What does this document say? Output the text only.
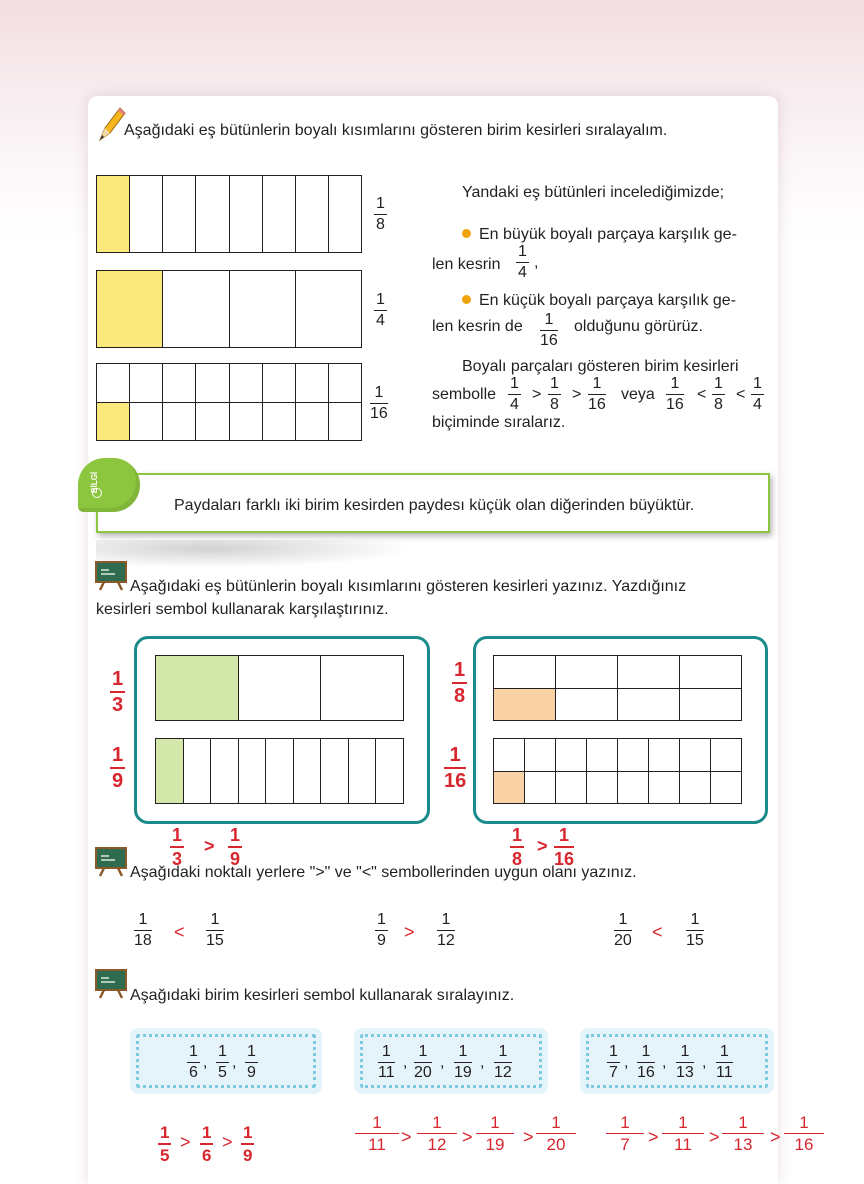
Aşağıdaki eş bütünlerin boyalı kısımlarını gösteren birim kesirleri sıralayalım.
1
8
1
4
1
16
Yandaki eş bütünleri incelediğimizde;
En büyük boyalı parçaya karşılık ge-
len kesrin
1
4
,
En küçük boyalı parçaya karşılık ge-
len kesrin de 1
16
olduğunu görürüz.
Boyalı parçaları gösteren birim kesirleri
sembolle
1
4
>
1
8
>
1
16
veya
1
16
<
1
8
<
1
4
biçiminde sıralarız.
Paydaları farklı iki birim kesirden paydesı küçük olan diğerinden büyüktür.
BİLGİ
Aşağıdaki eş bütünlerin boyalı kısımlarını gösteren kesirleri yazınız. Yazdığınız
kesirleri sembol kullanarak karşılaştırınız.
1
3
1
9
1
3
>
1
9
1
8
1
16
1
8
>
1
16
Aşağıdaki noktalı yerlere ">" ve "<" sembollerinden uygun olanı yazınız.
1
18 <
1
15
1
9 >
1
12
1
20 <
1
15
Aşağıdaki birim kesirleri sembol kullanarak sıralayınız.
1
6
,
1
5
,
1
9
1
11
,
1
20
,
1
19
,
1
12
1
7
,
1
16
,
1
13
,
1
11
1
5
> 1
6
> 1
9
1
11 >
1
12 >
1
19 >
1
20
1
7 >
1
11 >
1
13 >
1
16
